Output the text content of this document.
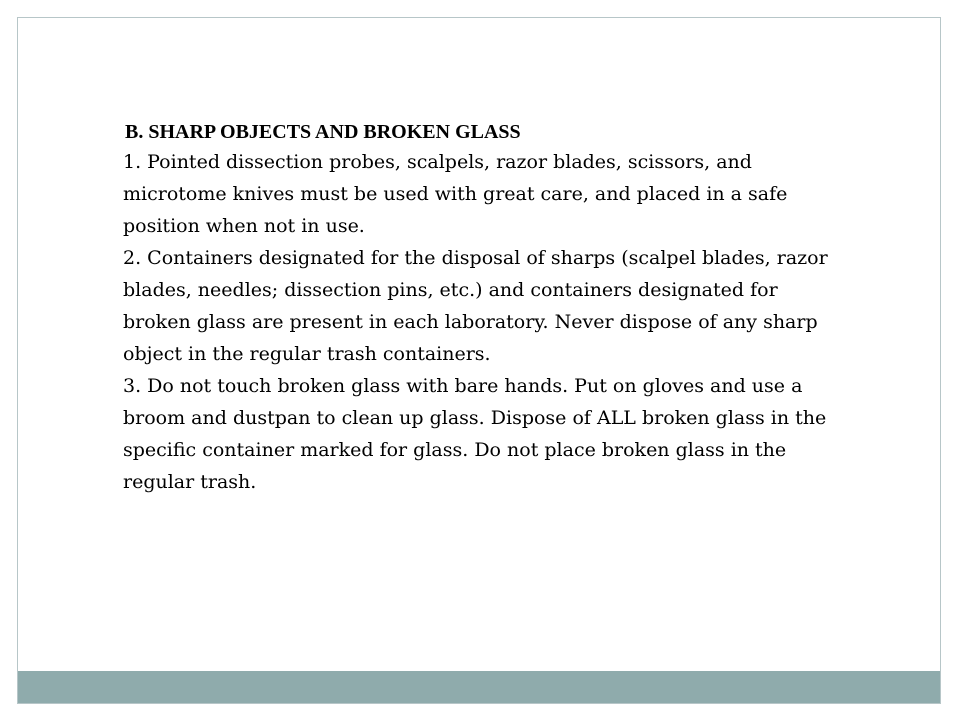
B. SHARP OBJECTS AND BROKEN GLASS

1. Pointed dissection probes, scalpels, razor blades, scissors, and microtome knives must be used with great care, and placed in a safe position when not in use.

2. Containers designated for the disposal of sharps (scalpel blades, razor blades, needles; dissection pins, etc.) and containers designated for broken glass are present in each laboratory. Never dispose of any sharp object in the regular trash containers.

3. Do not touch broken glass with bare hands. Put on gloves and use a broom and dustpan to clean up glass. Dispose of ALL broken glass in the specific container marked for glass. Do not place broken glass in the regular trash.
